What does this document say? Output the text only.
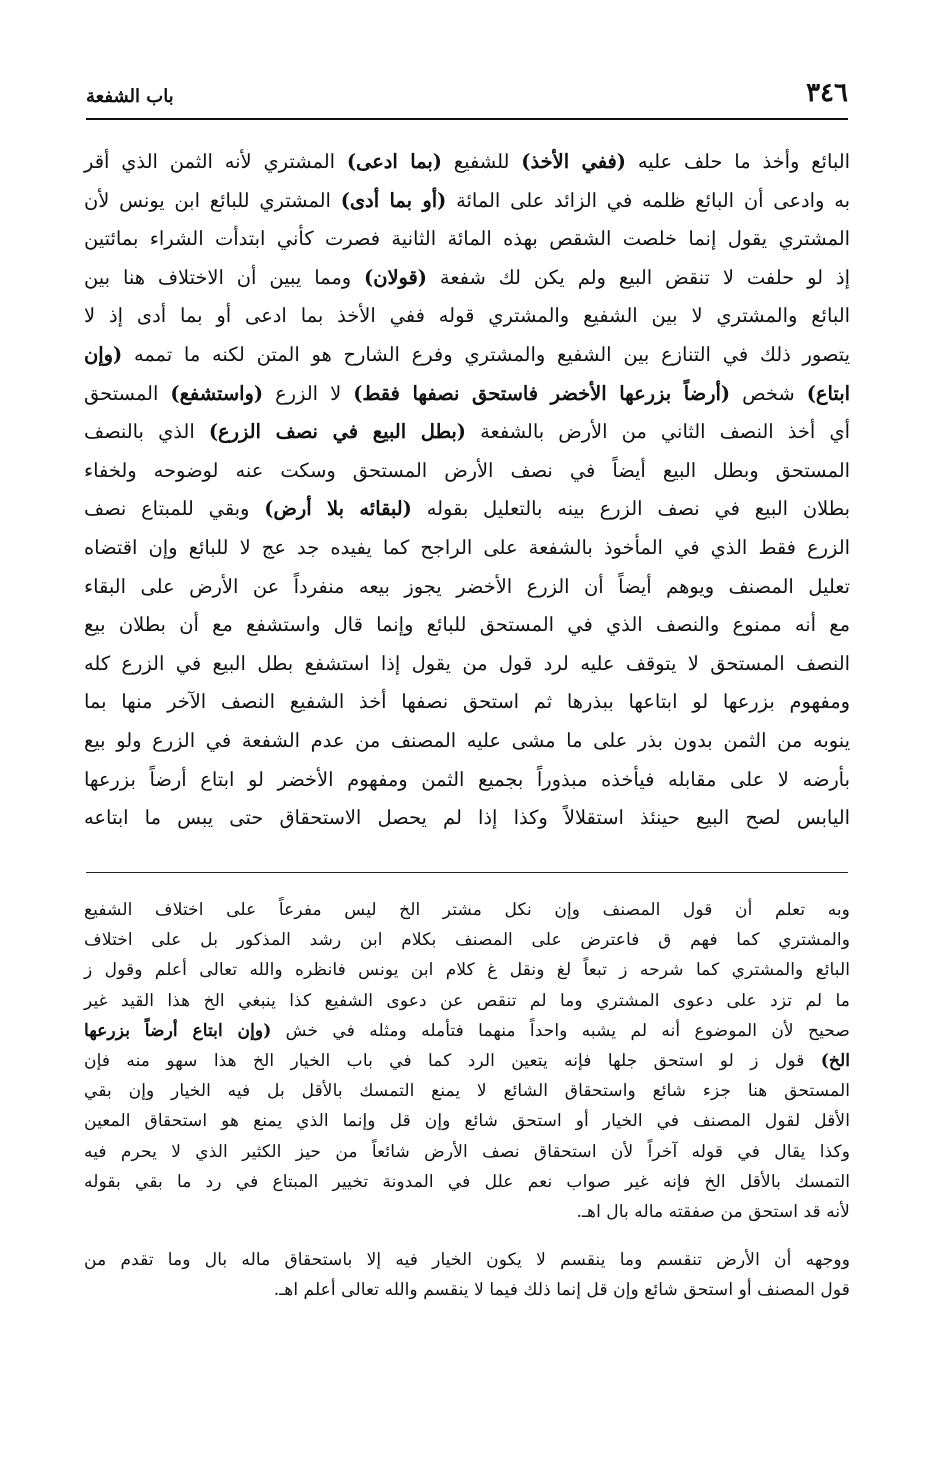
٣٤٦
باب الشفعة

البائع وأخذ ما حلف عليه (ففي الأخذ) للشفيع (بما ادعى) المشتري لأنه الثمن الذي أقر
به وادعى أن البائع ظلمه في الزائد على المائة (أو بما أدى) المشتري للبائع ابن يونس لأن
المشتري يقول إنما خلصت الشقص بهذه المائة الثانية فصرت كأني ابتدأت الشراء بمائتين
إذ لو حلفت لا تنقض البيع ولم يكن لك شفعة (قولان) ومما يبين أن الاختلاف هنا بين
البائع والمشتري لا بين الشفيع والمشتري قوله ففي الأخذ بما ادعى أو بما أدى إذ لا
يتصور ذلك في التنازع بين الشفيع والمشتري وفرع الشارح هو المتن لكنه ما تممه (وإن
ابتاع) شخص (أرضاً بزرعها الأخضر فاستحق نصفها فقط) لا الزرع (واستشفع) المستحق
أي أخذ النصف الثاني من الأرض بالشفعة (بطل البيع في نصف الزرع) الذي بالنصف
المستحق وبطل البيع أيضاً في نصف الأرض المستحق وسكت عنه لوضوحه ولخفاء
بطلان البيع في نصف الزرع بينه بالتعليل بقوله (لبقائه بلا أرض) وبقي للمبتاع نصف
الزرع فقط الذي في المأخوذ بالشفعة على الراجح كما يفيده جد عج لا للبائع وإن اقتضاه
تعليل المصنف ويوهم أيضاً أن الزرع الأخضر يجوز بيعه منفرداً عن الأرض على البقاء
مع أنه ممنوع والنصف الذي في المستحق للبائع وإنما قال واستشفع مع أن بطلان بيع
النصف المستحق لا يتوقف عليه لرد قول من يقول إذا استشفع بطل البيع في الزرع كله
ومفهوم بزرعها لو ابتاعها ببذرها ثم استحق نصفها أخذ الشفيع النصف الآخر منها بما
ينوبه من الثمن بدون بذر على ما مشى عليه المصنف من عدم الشفعة في الزرع ولو بيع
بأرضه لا على مقابله فيأخذه مبذوراً بجميع الثمن ومفهوم الأخضر لو ابتاع أرضاً بزرعها
اليابس لصح البيع حينئذ استقلالاً وكذا إذا لم يحصل الاستحقاق حتى يبس ما ابتاعه

وبه تعلم أن قول المصنف وإن نكل مشتر الخ ليس مفرعاً على اختلاف الشفيع
والمشتري كما فهم ق فاعترض على المصنف بكلام ابن رشد المذكور بل على اختلاف
البائع والمشتري كما شرحه ز تبعاً لغ ونقل غ كلام ابن يونس فانظره والله تعالى أعلم وقول ز
ما لم تزد على دعوى المشتري وما لم تنقص عن دعوى الشفيع كذا ينبغي الخ هذا القيد غير
صحيح لأن الموضوع أنه لم يشبه واحداً منهما فتأمله ومثله في خش (وإن ابتاع أرضاً بزرعها
الخ) قول ز لو استحق جلها فإنه يتعين الرد كما في باب الخيار الخ هذا سهو منه فإن
المستحق هنا جزء شائع واستحقاق الشائع لا يمنع التمسك بالأقل بل فيه الخيار وإن بقي
الأقل لقول المصنف في الخيار أو استحق شائع وإن قل وإنما الذي يمنع هو استحقاق المعين
وكذا يقال في قوله آخراً لأن استحقاق نصف الأرض شائعاً من حيز الكثير الذي لا يحرم فيه
التمسك بالأقل الخ فإنه غير صواب نعم علل في المدونة تخيير المبتاع في رد ما بقي بقوله
لأنه قد استحق من صفقته ماله بال اهـ.

ووجهه أن الأرض تنقسم وما ينقسم لا يكون الخيار فيه إلا باستحقاق ماله بال وما تقدم من
قول المصنف أو استحق شائع وإن قل إنما ذلك فيما لا ينقسم والله تعالى أعلم اهـ.
